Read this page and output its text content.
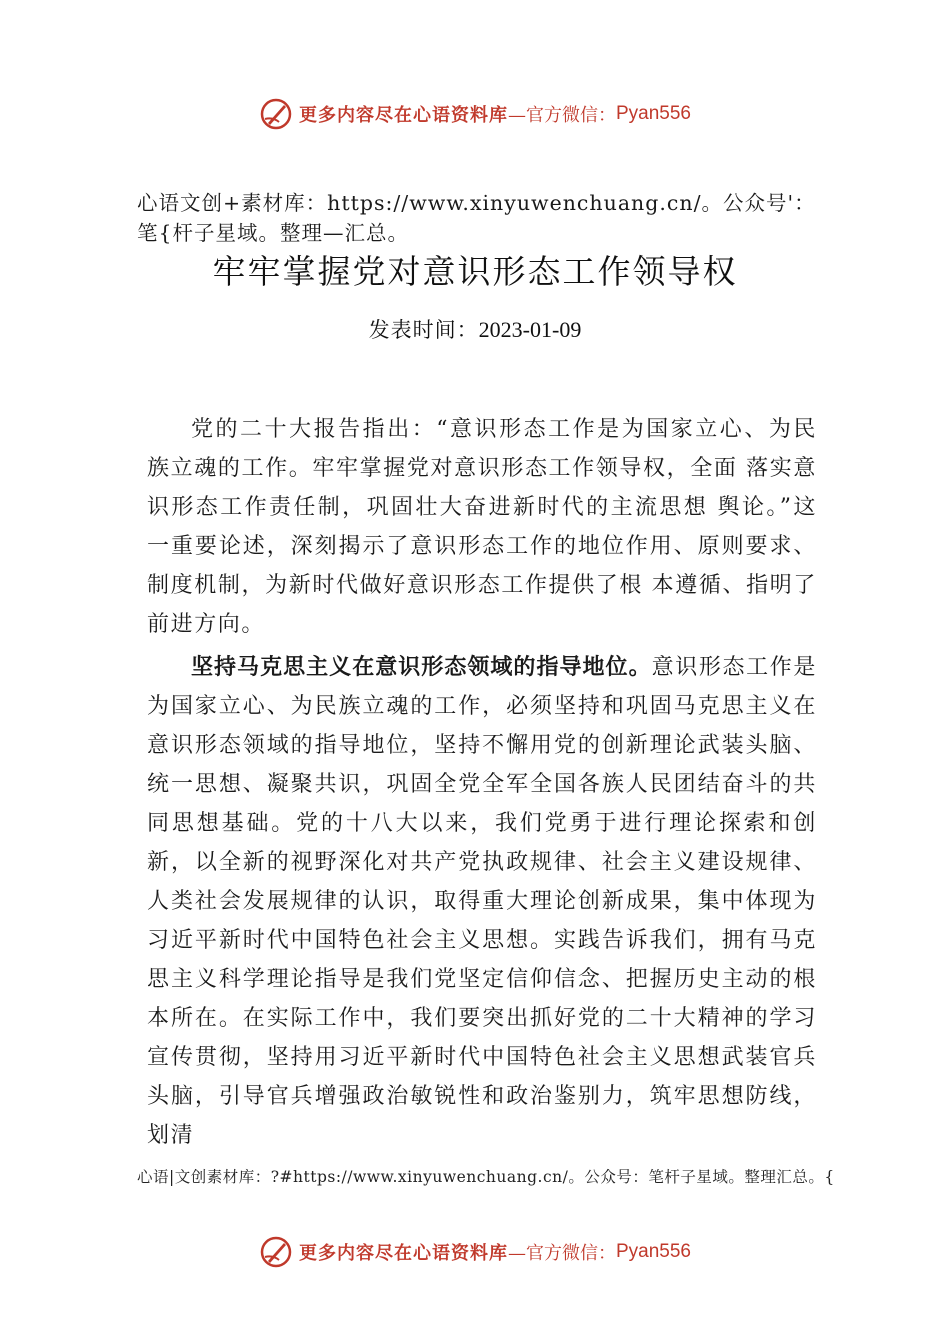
更多内容尽在心语资料库 —官方微信： Pyan556
心语文创+素材库：https://www.xinyuwenchuang.cn/。公众号'：笔{杆子星域。整理—汇总。
牢牢掌握党对意识形态工作领导权
发表时间：2023-01-09

党的二十大报告指出：“意识形态工作是为国家立心、为民族立魂的工作。牢牢掌握党对意识形态工作领导权，全面 落实意识形态工作责任制，巩固壮大奋进新时代的主流思想 舆论。”这一重要论述，深刻揭示了意识形态工作的地位作用、原则要求、制度机制，为新时代做好意识形态工作提供了根 本遵循、指明了前进方向。

坚持马克思主义在意识形态领域的指导地位。意识形态工作是为国家立心、为民族立魂的工作，必须坚持和巩固马克思主义在意识形态领域的指导地位，坚持不懈用党的创新理论武装头脑、统一思想、凝聚共识，巩固全党全军全国各族人民团结奋斗的共同思想基础。党的十八大以来，我们党勇于进行理论探索和创新，以全新的视野深化对共产党执政规律、社会主义建设规律、人类社会发展规律的认识，取得重大理论创新成果，集中体现为习近平新时代中国特色社会主义思想。实践告诉我们，拥有马克思主义科学理论指导是我们党坚定信仰信念、把握历史主动的根本所在。在实际工作中，我们要突出抓好党的二十大精神的学习宣传贯彻，坚持用习近平新时代中国特色社会主义思想武装官兵头脑，引导官兵增强政治敏锐性和政治鉴别力，筑牢思想防线，划清

心语|文创素材库：?#https://www.xinyuwenchuang.cn/。公众号：笔杆子星域。整理汇总。{
更多内容尽在心语资料库 —官方微信： Pyan556
